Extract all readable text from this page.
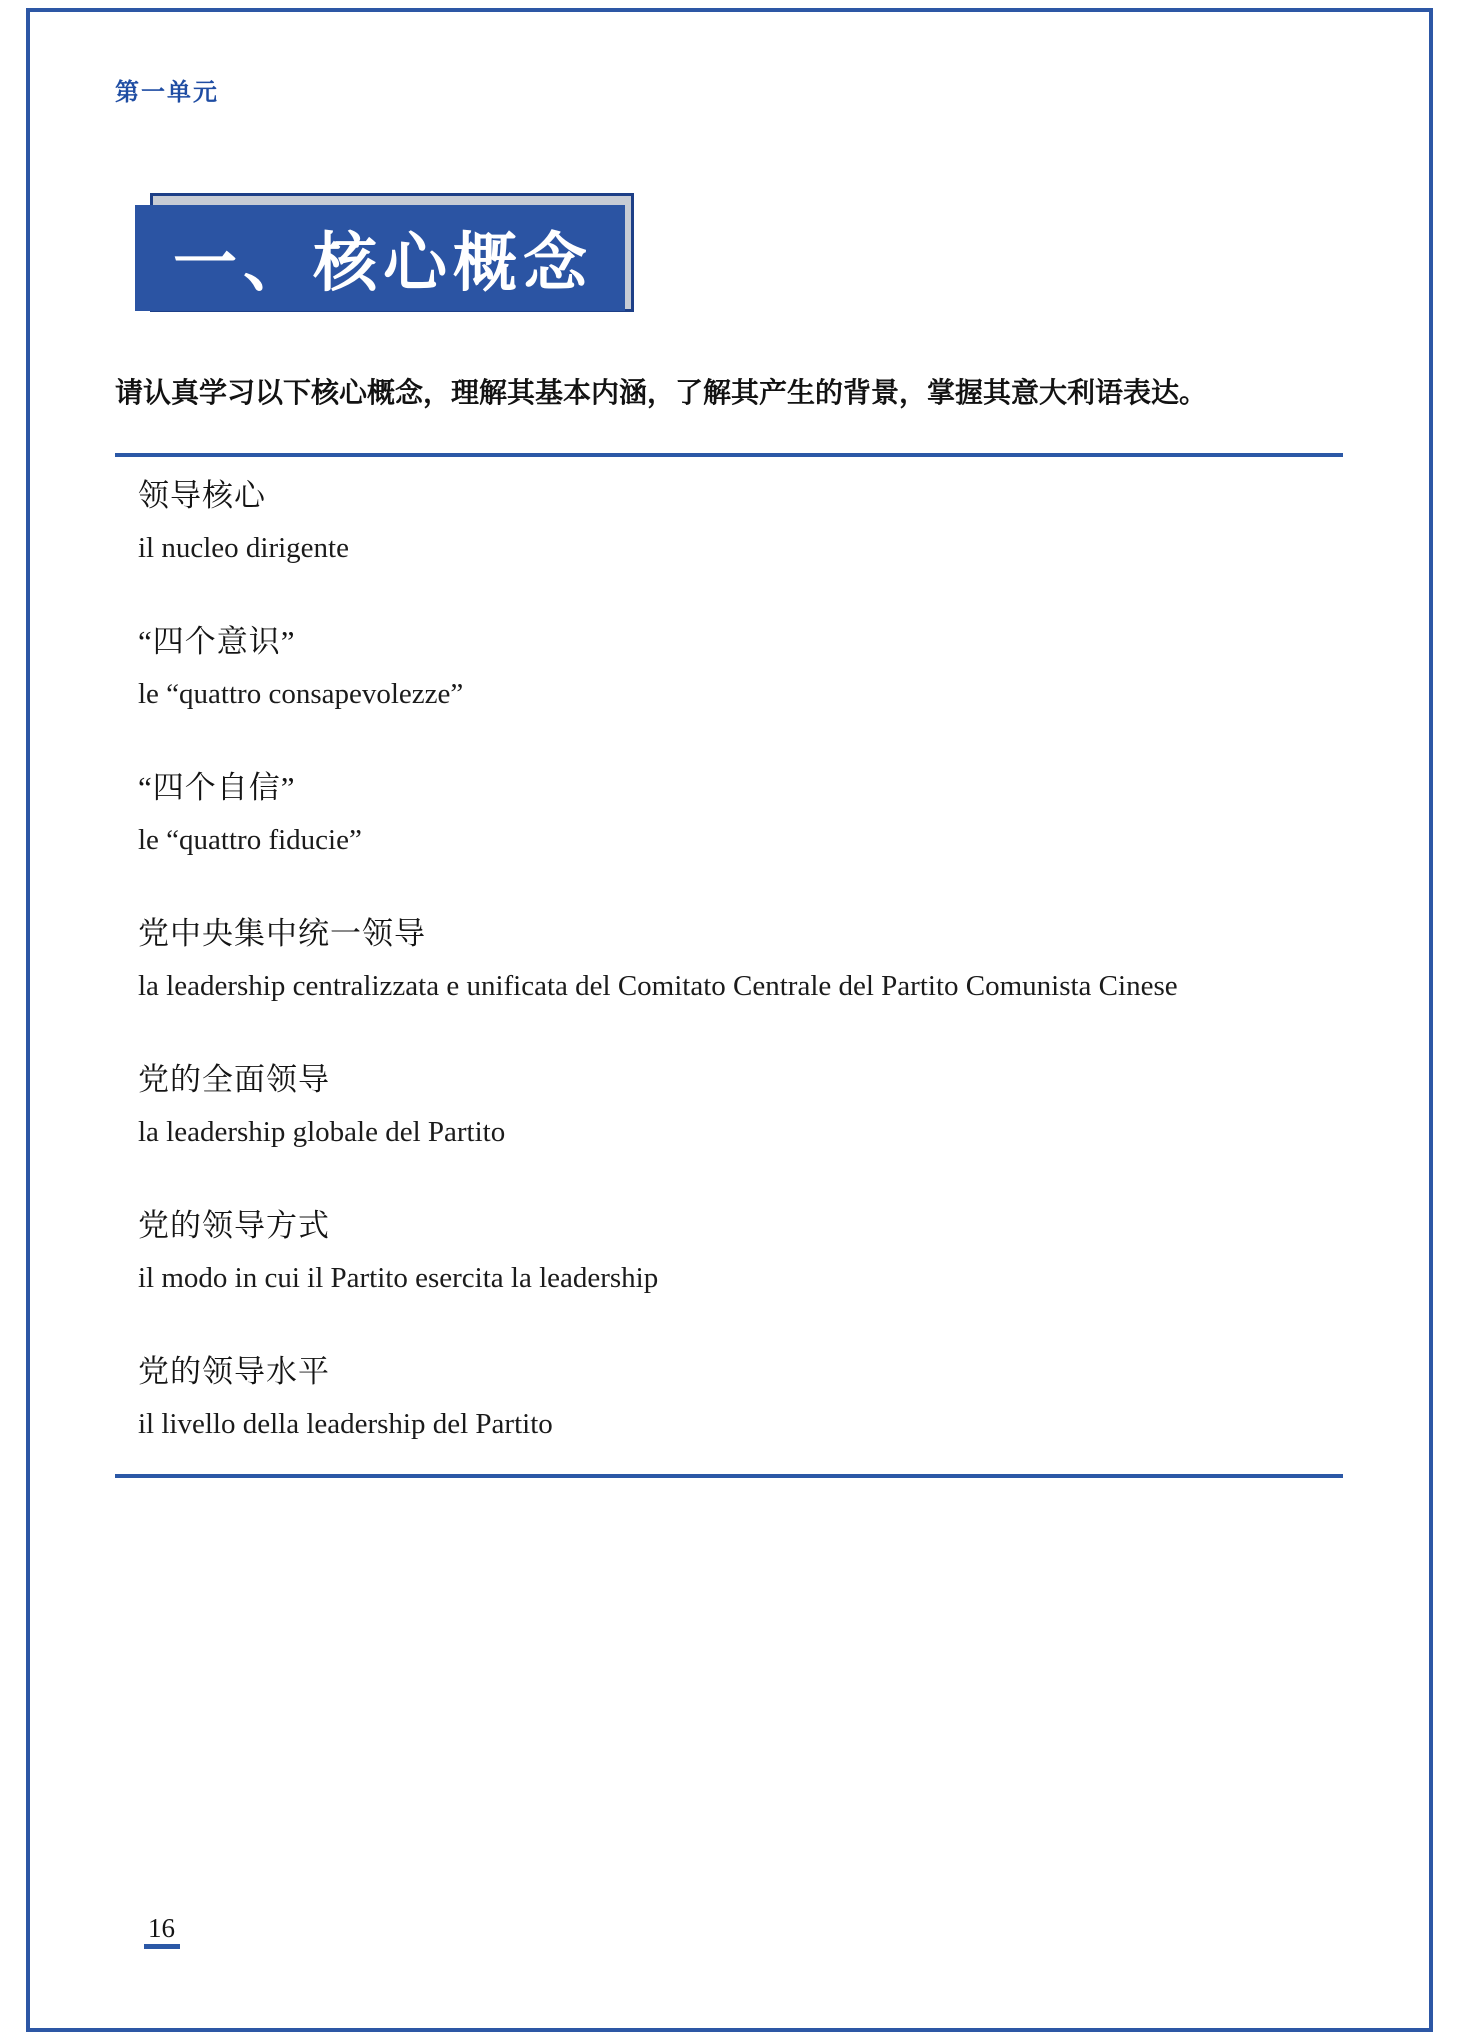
第一单元
一、核心概念

请认真学习以下核心概念，理解其基本内涵，了解其产生的背景，掌握其意大利语表达。

领导核心
il nucleo dirigente
“四个意识”
le “quattro consapevolezze”
“四个自信”
le “quattro fiducie”
党中央集中统一领导
la leadership centralizzata e unificata del Comitato Centrale del Partito Comunista Cinese
党的全面领导
la leadership globale del Partito
党的领导方式
il modo in cui il Partito esercita la leadership
党的领导水平
il livello della leadership del Partito
16
